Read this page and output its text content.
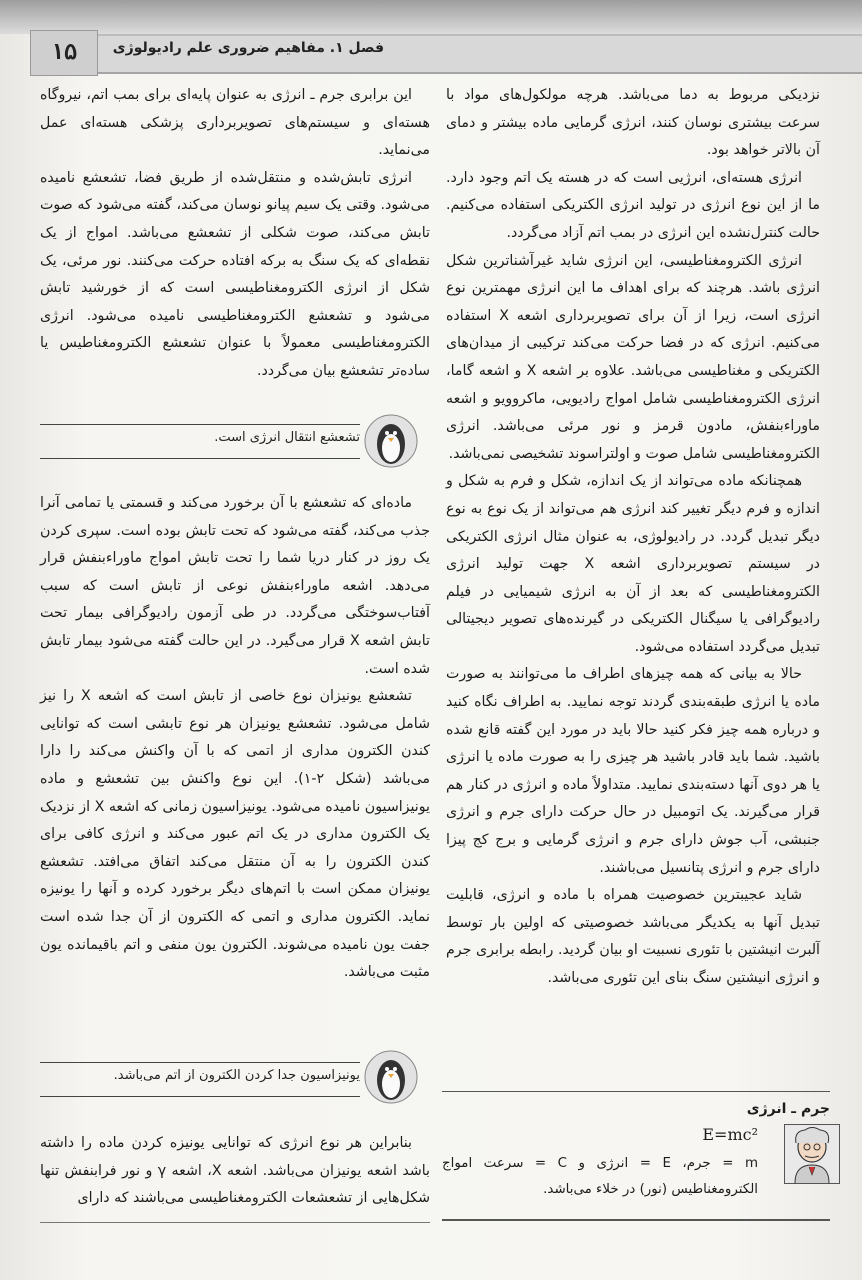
۱۵	فصل ۱. مفاهیم ضروری علم رادیولوژی

نزدیکی مربوط به دما می‌باشد. هرچه مولکول‌های مواد با سرعت بیشتری نوسان کنند، انرژی گرمایی ماده بیشتر و دمای آن بالاتر خواهد بود.

انرژی هسته‌ای، انرژیی است که در هسته یک اتم وجود دارد. ما از این نوع انرژی در تولید انرژی الکتریکی استفاده می‌کنیم. حالت کنترل‌نشده این انرژی در بمب اتم آزاد می‌گردد.

انرژی الکترومغناطیسی، این انرژی شاید غیرآشناترین شکل انرژی باشد. هرچند که برای اهداف ما این انرژی مهمترین نوع انرژی است، زیرا از آن برای تصویربرداری اشعه X استفاده می‌کنیم. انرژی که در فضا حرکت می‌کند ترکیبی از میدان‌های الکتریکی و مغناطیسی می‌باشد. علاوه بر اشعه X و اشعه گاما، انرژی الکترومغناطیسی شامل امواج رادیویی، ماکروویو و اشعه ماوراءبنفش، مادون قرمز و نور مرئی می‌باشد. انرژی الکترومغناطیسی شامل صوت و اولتراسوند تشخیصی نمی‌باشد.

همچنانکه ماده می‌تواند از یک اندازه، شکل و فرم به شکل و اندازه و فرم دیگر تغییر کند انرژی هم می‌تواند از یک نوع به نوع دیگر تبدیل گردد. در رادیولوژی، به عنوان مثال انرژی الکتریکی در سیستم تصویربرداری اشعه X جهت تولید انرژی الکترومغناطیسی که بعد از آن به انرژی شیمیایی در فیلم رادیوگرافی یا سیگنال الکتریکی در گیرنده‌های تصویر دیجیتالی تبدیل می‌گردد استفاده می‌شود.

حالا به بیانی که همه چیزهای اطراف ما می‌توانند به صورت ماده یا انرژی طبقه‌بندی گردند توجه نمایید. به اطراف نگاه کنید و درباره همه چیز فکر کنید حالا باید در مورد این گفته قانع شده باشید. شما باید قادر باشید هر چیزی را به صورت ماده یا انرژی یا هر دوی آنها دسته‌بندی نمایید. متداولاً ماده و انرژی در کنار هم قرار می‌گیرند. یک اتومبیل در حال حرکت دارای جرم و انرژی جنبشی، آب جوش دارای جرم و انرژی گرمایی و برج کج پیزا دارای جرم و انرژی پتانسیل می‌باشند.

شاید عجیبترین خصوصیت همراه با ماده و انرژی، قابلیت تبدیل آنها به یکدیگر می‌باشد خصوصیتی که اولین بار توسط آلبرت انیشتین با تئوری نسبیت او بیان گردید. رابطه برابری جرم و انرژی انیشتین سنگ بنای این تئوری می‌باشد.

جرم ـ انرژی
E=mc²
m = جرم، E = انرژی و C = سرعت امواج الکترومغناطیس (نور) در خلاء می‌باشد.

این برابری جرم ـ انرژی به عنوان پایه‌ای برای بمب اتم، نیروگاه هسته‌ای و سیستم‌های تصویربرداری پزشکی هسته‌ای عمل می‌نماید.

انرژی تابش‌شده و منتقل‌شده از طریق فضا، تشعشع نامیده می‌شود. وقتی یک سیم پیانو نوسان می‌کند، گفته می‌شود که صوت تابش می‌کند، صوت شکلی از تشعشع می‌باشد. امواج از یک نقطه‌ای که یک سنگ به برکه افتاده حرکت می‌کنند. نور مرئی، یک شکل از انرژی الکترومغناطیسی است که از خورشید تابش می‌شود و تشعشع الکترومغناطیسی نامیده می‌شود. انرژی الکترومغناطیسی معمولاً با عنوان تشعشع الکترومغناطیس یا ساده‌تر تشعشع بیان می‌گردد.

تشعشع انتقال انرژی است.

ماده‌ای که تشعشع با آن برخورد می‌کند و قسمتی یا تمامی آنرا جذب می‌کند، گفته می‌شود که تحت تابش بوده است. سپری کردن یک روز در کنار دریا شما را تحت تابش امواج ماوراءبنفش قرار می‌دهد. اشعه ماوراءبنفش نوعی از تابش است که سبب آفتاب‌سوختگی می‌گردد. در طی آزمون رادیوگرافی بیمار تحت تابش اشعه X قرار می‌گیرد. در این حالت گفته می‌شود بیمار تابش شده است.

تشعشع یونیزان نوع خاصی از تابش است که اشعه X را نیز شامل می‌شود. تشعشع یونیزان هر نوع تابشی است که توانایی کندن الکترون مداری از اتمی که با آن واکنش می‌کند را دارا می‌باشد (شکل ۲-۱). این نوع واکنش بین تشعشع و ماده یونیزاسیون نامیده می‌شود. یونیزاسیون زمانی که اشعه X از نزدیک یک الکترون مداری در یک اتم عبور می‌کند و انرژی کافی برای کندن الکترون را به آن منتقل می‌کند اتفاق می‌افتد. تشعشع یونیزان ممکن است با اتم‌های دیگر برخورد کرده و آنها را یونیزه نماید. الکترون مداری و اتمی که الکترون از آن جدا شده است جفت یون نامیده می‌شوند. الکترون یون منفی و اتم باقیمانده یون مثبت می‌باشد.

یونیزاسیون جدا کردن الکترون از اتم می‌باشد.

بنابراین هر نوع انرژی که توانایی یونیزه کردن ماده را داشته باشد اشعه یونیزان می‌باشد. اشعه X، اشعه γ و نور فرابنفش تنها شکل‌هایی از تشعشعات الکترومغناطیسی می‌باشند که دارای
